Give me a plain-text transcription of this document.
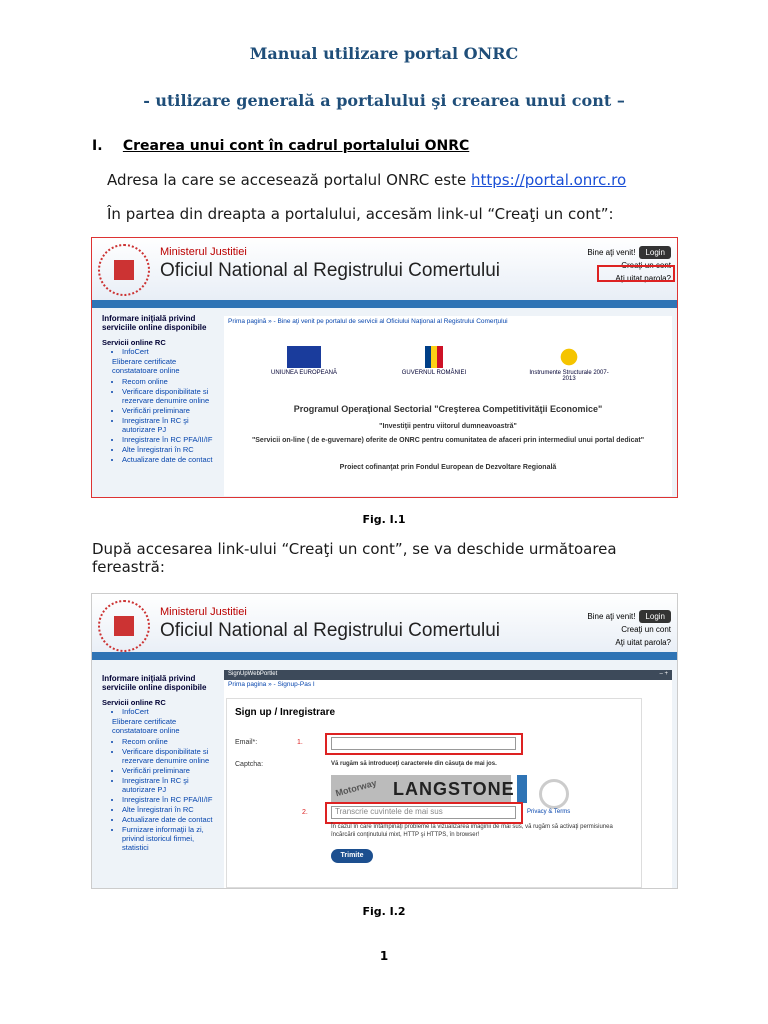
Manual utilizare portal ONRC
- utilizare generală a portalului şi crearea unui cont –
I. Crearea unui cont în cadrul portalului ONRC
Adresa la care se accesează portalul ONRC este https://portal.onrc.ro
În partea din dreapta a portalului, accesăm link-ul “Creaţi un cont”:
Ministerul Justitiei
Oficiul National al Registrului Comertului
Bine aţi venit! Login
Creaţi un cont
Aţi uitat parola?
Informare iniţială privind serviciile online disponibile
Servicii online RC
• InfoCert
Eliberare certificate constatatoare online
• Recom online
• Verificare disponibilitate si rezervare denumire online
• Verificări preliminare
• Inregistrare în RC şi autorizare PJ
• Inregistrare în RC PFA/II/IF
• Alte înregistrari în RC
• Actualizare date de contact
Prima pagină » - Bine aţi venit pe portalul de servicii al Oficiului Naţional al Registrului Comerţului
UNIUNEA EUROPEANĂ	GUVERNUL ROMÂNIEI	Instrumente Structurale 2007-2013
Programul Operaţional Sectorial "Creşterea Competitivităţii Economice"
"Investiţii pentru viitorul dumneavoastră"
"Servicii on-line ( de e-guvernare) oferite de ONRC pentru comunitatea de afaceri prin intermediul unui portal dedicat"
Proiect cofinanţat prin Fondul European de Dezvoltare Regională
Fig. I.1
După accesarea link-ului “Creaţi un cont”, se va deschide următoarea
fereastră:
Ministerul Justitiei
Oficiul National al Registrului Comertului
Bine aţi venit! Login
Creaţi un cont
Aţi uitat parola?
Informare iniţială privind serviciile online disponibile
Servicii online RC
• InfoCert
Eliberare certificate constatatoare online
• Recom online
• Verificare disponibilitate si rezervare denumire online
• Verificări preliminare
• Inregistrare în RC şi autorizare PJ
• Inregistrare în RC PFA/II/IF
• Alte înregistrari în RC
• Actualizare date de contact
• Furnizare informaţii la zi, privind istoricul firmei, statistici
SignUpWebPortlet	– +
Prima pagina » - Signup-Pas I
Sign up / Inregistrare
Email*:	1.
Captcha:	Vă rugăm să introduceţi caracterele din căsuţa de mai jos.
Motorway LANGSTONE
2.	Transcrie cuvintele de mai sus	Privacy & Terms
În cazul în care întâmpinaţi probleme la vizualizarea imaginii de mai sus, vă rugăm să activaţi permisiunea încărcării conţinutului mixt, HTTP şi HTTPS, în browser!
Trimite
Fig. I.2
1
